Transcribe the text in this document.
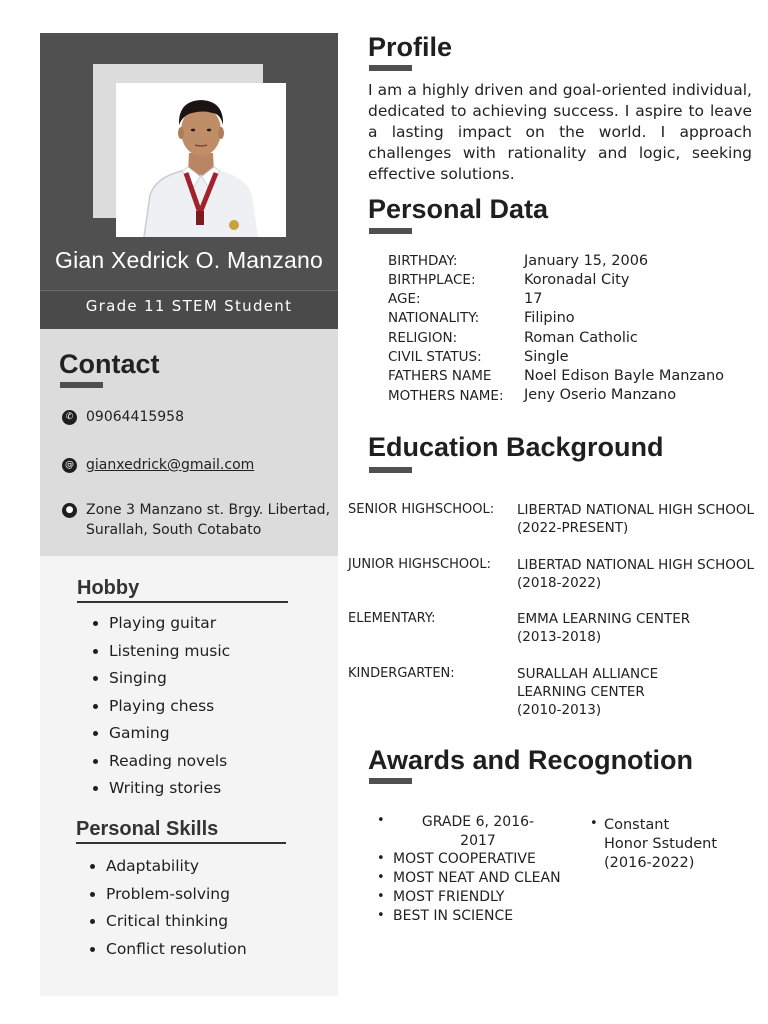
Gian Xedrick O. Manzano
Grade 11 STEM Student
Contact
✆ 09064415958
@ gianxedrick@gmail.com
● Zone 3 Manzano st. Brgy. Libertad,
Surallah, South Cotabato
Hobby
• Playing guitar
• Listening music
• Singing
• Playing chess
• Gaming
• Reading novels
• Writing stories
Personal Skills
• Adaptability
• Problem-solving
• Critical thinking
• Conflict resolution
Profile
I am a highly driven and goal-oriented individual, dedicated to achieving success. I aspire to leave a lasting impact on the world. I approach challenges with rationality and logic, seeking effective solutions.
Personal Data
BIRTHDAY:	January 15, 2006
BIRTHPLACE:	Koronadal City
AGE:	17
NATIONALITY:	Filipino
RELIGION:	Roman Catholic
CIVIL STATUS:	Single
FATHERS NAME Noel Edison Bayle Manzano
MOTHERS NAME: Jeny Oserio Manzano
Education Background
SENIOR HIGHSCHOOL: LIBERTAD NATIONAL HIGH SCHOOL
(2022-PRESENT)
JUNIOR HIGHSCHOOL: LIBERTAD NATIONAL HIGH SCHOOL
(2018-2022)
ELEMENTARY:	EMMA LEARNING CENTER
(2013-2018)
KINDERGARTEN:	SURALLAH ALLIANCE LEARNING CENTER
(2010-2013)
Awards and Recognotion
•	GRADE 6, 2016-
2017
• MOST COOPERATIVE
• MOST NEAT AND CLEAN
• MOST FRIENDLY
• BEST IN SCIENCE
• Constant
Honor Sstudent
(2016-2022)
